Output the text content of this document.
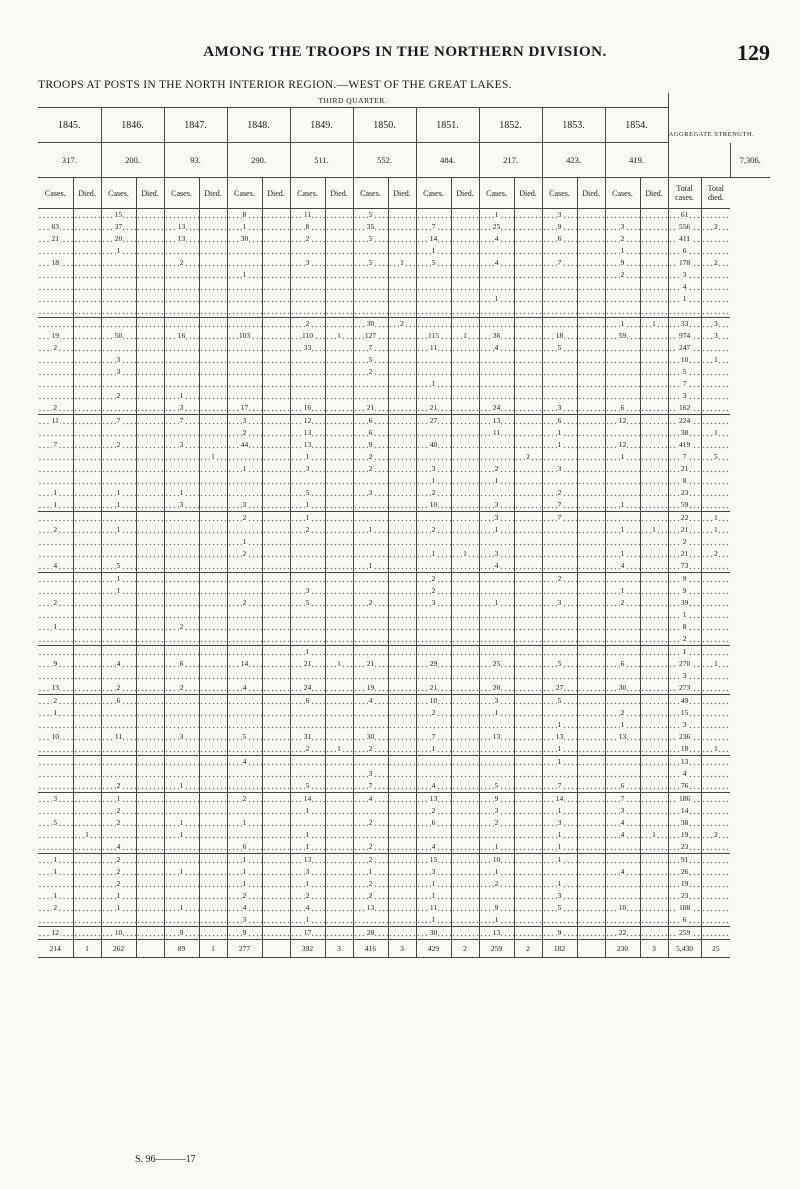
AMONG THE TROOPS IN THE NORTHERN DIVISION.	129
TROOPS AT POSTS IN THE NORTH INTERIOR REGION.—WEST OF THE GREAT LAKES.
THIRD QUARTER.																				AGGREGATE STRENGTH.		
1845.		1846.		1847.		1848.		1849.		1850.		1851.		1852.		1853.		1854.				
317.		200.		93.		290.		511.		552.		484.		217.		423.		419.				7,306.
Cases.	Died.	Cases.	Died.	Cases.	Died.	Cases.	Died.	Cases.	Died.	Cases.	Died.	Cases.	Died.	Cases.	Died.	Cases.	Died.	Cases.	Died.	Total cases.	Total died.	
		15				8		11		5				1		3				61		
63		37		13		1		8		35		7		25		9		3		556	2	
21		20		13		30		2		5		14		4		6		2		411		
		1										1						1		6		
18				2				3		5	1	5		4		7		9		178	2	
						1												2		3		
																				4		
														1						1		

								2		30	2							1	1	33	3	
19		50		16		103		110	1	127		115	1	36		18		59		974	3	
2								33		7		11		4		5				247		
		3								5										10	1	
		3								2										5		
												1								7		
		2		1																3		
2				3		17		16		21		21		24		3		6		162		
11		7		7		3		12		6		27		13		6		12		224		
						2		13		6				11		1				38	1	
7		2		3		44		13		9		40				1		12		419		
					1			1		2					2			1		7	5	
						1		3		2		3		2		3				21		
												1		1						8		
1		1		1				5		3		2				2				23		
1		1		3		3		1				10		3		7		1		59		
						2		1						3		7				22	1	
2		1						2		1		2		1				1	1	21	1	
						1														2		
						2						1	1	3				1		21	2	
4		5								1				4				4		73		
		1										2				2				9		
		1						3				2						1		9		
2						2		5		2		3		1		3		2		39		
																				1		
1				2																8		
																				2		
								1												1		
9		4		6		14		21	1	21		29		25		5		6		270	1	
																				3		
13		2		2		4		24		19		21		20		27		30		273		
2		6						6		4		10		3		5				49		
1												2		1				2		15		
																1		1		3		
10		11		3		5		31		30		7		13		13		13		236		
								2	1	2		1				1				18	1	
						4										1				13		
										3										4		
		2		1				5		7		4		5		7		6		76		
3		1				2		14		4		13		9		14		7		186		
		2						1				2		3		1		3		14		
5		2		1		1				2		6		2		3		4		38		
	1			1				1								1		4	1	19	2	
		4				6		1		2		4		1		1				23		
1		2				1		13		2		15		10		1				91		
1		2		1		1		3		1		3		1				4		26		
		2				1		1		2		1		2		1				19		
1		1				2		2		2		1				3				23		
2		1		1		4		4		13		11		9		5		10		108		
						3		1				1		1						6		
12		10		9		9		17		28		30		13		9		22		259		
214	1	262		89	1	277		392	3	416	3	429	2	259	2	182		230	3	5,430	25	
S. 96———17
